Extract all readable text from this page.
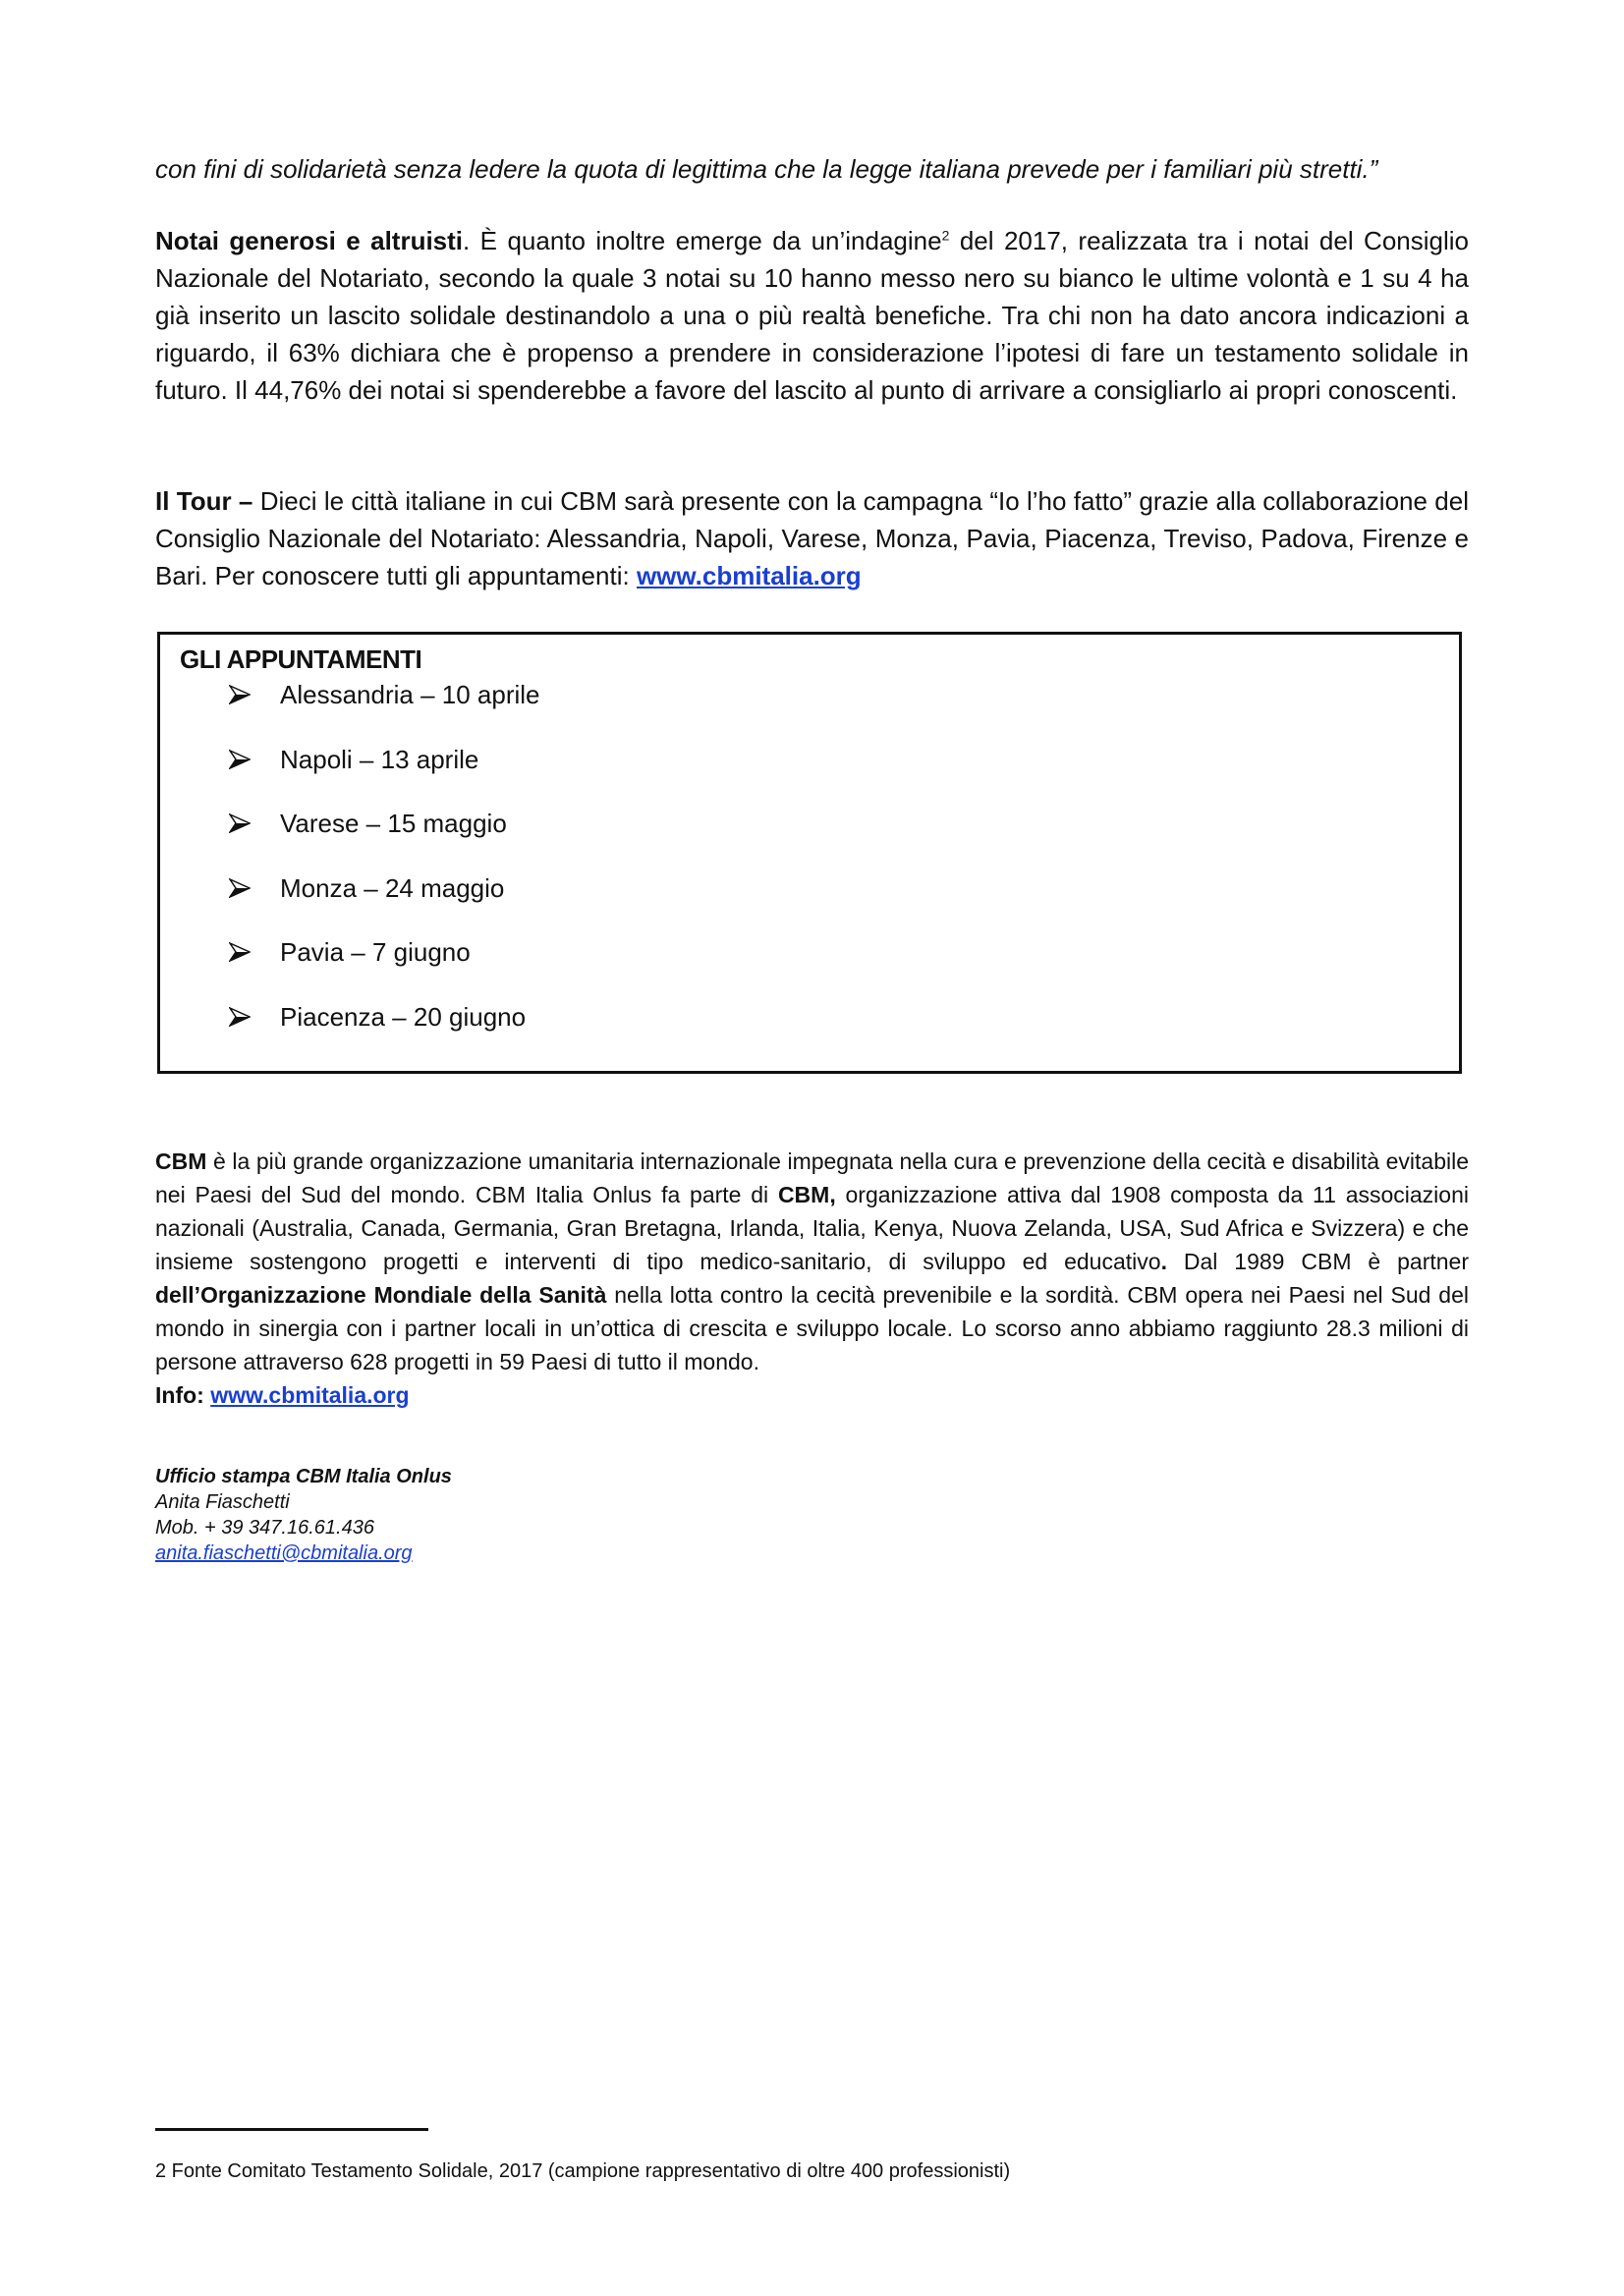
con fini di solidarietà senza ledere la quota di legittima che la legge italiana prevede per i familiari più stretti.”
Notai generosi e altruisti. È quanto inoltre emerge da un’indagine$^2$ del 2017, realizzata tra i notai del Consiglio Nazionale del Notariato, secondo la quale 3 notai su 10 hanno messo nero su bianco le ultime volontà e 1 su 4 ha già inserito un lascito solidale destinandolo a una o più realtà benefiche. Tra chi non ha dato ancora indicazioni a riguardo, il 63% dichiara che è propenso a prendere in considerazione l’ipotesi di fare un testamento solidale in futuro. Il 44,76% dei notai si spenderebbe a favore del lascito al punto di arrivare a consigliarlo ai propri conoscenti.
Il Tour – Dieci le città italiane in cui CBM sarà presente con la campagna “Io l’ho fatto” grazie alla collaborazione del Consiglio Nazionale del Notariato: Alessandria, Napoli, Varese, Monza, Pavia, Piacenza, Treviso, Padova, Firenze e Bari. Per conoscere tutti gli appuntamenti: www.cbmitalia.org
GLI APPUNTAMENTI
Alessandria – 10 aprile
Napoli – 13 aprile
Varese – 15 maggio
Monza – 24 maggio
Pavia – 7 giugno
Piacenza – 20 giugno
CBM è la più grande organizzazione umanitaria internazionale impegnata nella cura e prevenzione della cecità e disabilità evitabile nei Paesi del Sud del mondo. CBM Italia Onlus fa parte di CBM, organizzazione attiva dal 1908 composta da 11 associazioni nazionali (Australia, Canada, Germania, Gran Bretagna, Irlanda, Italia, Kenya, Nuova Zelanda, USA, Sud Africa e Svizzera) e che insieme sostengono progetti e interventi di tipo medico-sanitario, di sviluppo ed educativo. Dal 1989 CBM è partner dell’Organizzazione Mondiale della Sanità nella lotta contro la cecità prevenibile e la sordità. CBM opera nei Paesi nel Sud del mondo in sinergia con i partner locali in un’ottica di crescita e sviluppo locale. Lo scorso anno abbiamo raggiunto 28.3 milioni di persone attraverso 628 progetti in 59 Paesi di tutto il mondo.
Info: www.cbmitalia.org
Ufficio stampa CBM Italia Onlus
Anita Fiaschetti
Mob. + 39 347.16.61.436
anita.fiaschetti@cbmitalia.org
2 Fonte Comitato Testamento Solidale, 2017 (campione rappresentativo di oltre 400 professionisti)
